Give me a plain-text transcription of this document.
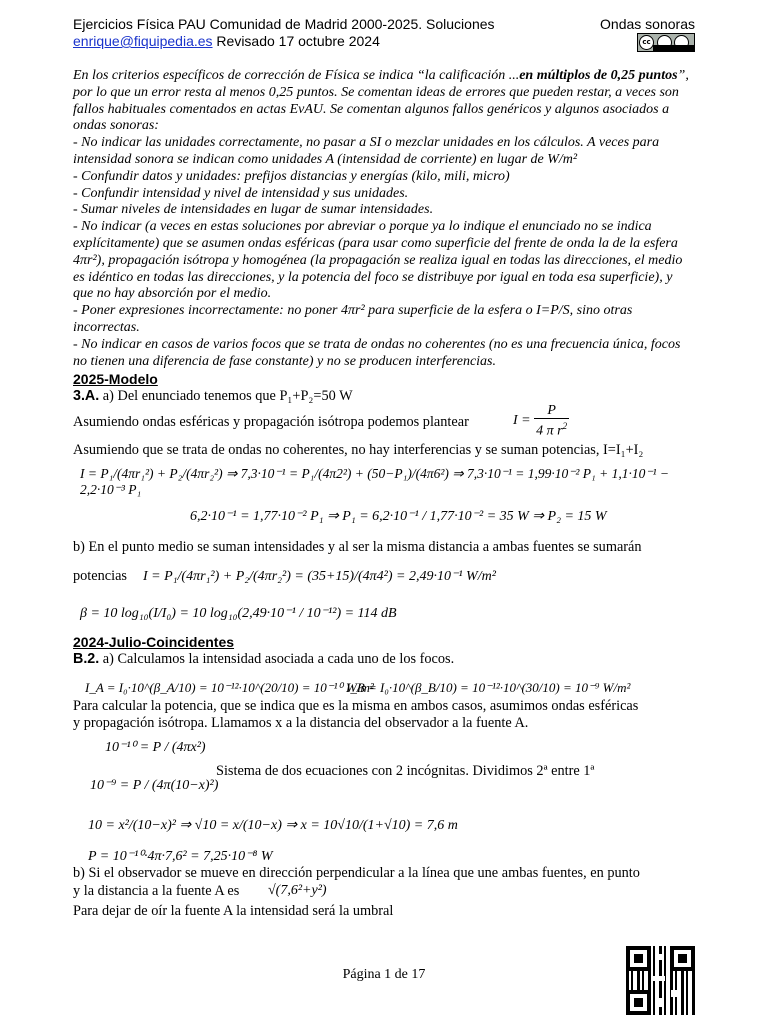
Ejercicios Física PAU Comunidad de Madrid 2000-2025. Soluciones	Ondas sonoras
enrique@fiquipedia.es Revisado 17 octubre 2024	cc

En los criterios específicos de corrección de Física se indica “la calificación ...en múltiplos de 0,25 puntos”, por lo que un error resta al menos 0,25 puntos. Se comentan ideas de errores que pueden restar, a veces son fallos habituales comentados en actas EvAU. Se comentan algunos fallos genéricos y algunos asociados a ondas sonoras:

- No indicar las unidades correctamente, no pasar a SI o mezclar unidades en los cálculos. A veces para intensidad sonora se indican como unidades A (intensidad de corriente) en lugar de W/m²

- Confundir datos y unidades: prefijos distancias y energías (kilo, mili, micro)

- Confundir intensidad y nivel de intensidad y sus unidades.

- Sumar niveles de intensidades en lugar de sumar intensidades.

- No indicar (a veces en estas soluciones por abreviar o porque ya lo indique el enunciado no se indica explícitamente) que se asumen ondas esféricas (para usar como superficie del frente de onda la de la esfera 4πr²), propagación isótropa y homogénea (la propagación se realiza igual en todas las direcciones, el medio es idéntico en todas las direcciones, y la potencia del foco se distribuye por igual en toda esa superficie), y que no hay absorción por el medio.

- Poner expresiones incorrectamente: no poner 4πr² para superficie de la esfera o I=P/S, sino otras incorrectas.

- No indicar en casos de varios focos que se trata de ondas no coherentes (no es una frecuencia única, focos no tienen una diferencia de fase constante) y no se producen interferencias.

2025-Modelo
3.A. a) Del enunciado tenemos que P₁+P₂=50 W
Asumiendo ondas esféricas y propagación isótropa podemos plantear	$I = \frac{P}{4 \pi r^2}$
Asumiendo que se trata de ondas no coherentes, no hay interferencias y se suman potencias, I=I₁+I₂
I = P₁/(4πr₁²) + P₂/(4πr₂²) ⇒ 7,3·10⁻¹ = P₁/(4π2²) + (50−P₁)/(4π6²) ⇒ 7,3·10⁻¹ = 1,99·10⁻² P₁ + 1,1·10⁻¹ − 2,2·10⁻³ P₁
6,2·10⁻¹ = 1,77·10⁻² P₁ ⇒ P₁ = 6,2·10⁻¹ / 1,77·10⁻² = 35 W ⇒ P₂ = 15 W
b) En el punto medio se suman intensidades y al ser la misma distancia a ambas fuentes se sumarán
potencias I = P₁/(4πr₁²) + P₂/(4πr₂²) = (35+15)/(4π4²) = 2,49·10⁻¹ W/m²
β = 10 log₁₀(I/I₀) = 10 log₁₀(2,49·10⁻¹ / 10⁻¹²) = 114 dB
2024-Julio-Coincidentes
B.2. a) Calculamos la intensidad asociada a cada uno de los focos.
I_A = I₀·10^(β_A/10) = 10⁻¹²·10^(20/10) = 10⁻¹⁰ W/m²
I_B = I₀·10^(β_B/10) = 10⁻¹²·10^(30/10) = 10⁻⁹ W/m²
Para calcular la potencia, que se indica que es la misma en ambos casos, asumimos ondas esféricas
y propagación isótropa. Llamamos x a la distancia del observador a la fuente A.
10⁻¹⁰ = P / (4πx²)
10⁻⁹ = P / (4π(10−x)²)
Sistema de dos ecuaciones con 2 incógnitas. Dividimos 2ª entre 1ª
10 = x²/(10−x)² ⇒ √10 = x/(10−x) ⇒ x = 10√10/(1+√10) = 7,6 m
P = 10⁻¹⁰·4π·7,6² = 7,25·10⁻⁸ W
b) Si el observador se mueve en dirección perpendicular a la línea que une ambas fuentes, en punto
y la distancia a la fuente A es √(7,6²+y²)
Para dejar de oír la fuente A la intensidad será la umbral
Página 1 de 17
